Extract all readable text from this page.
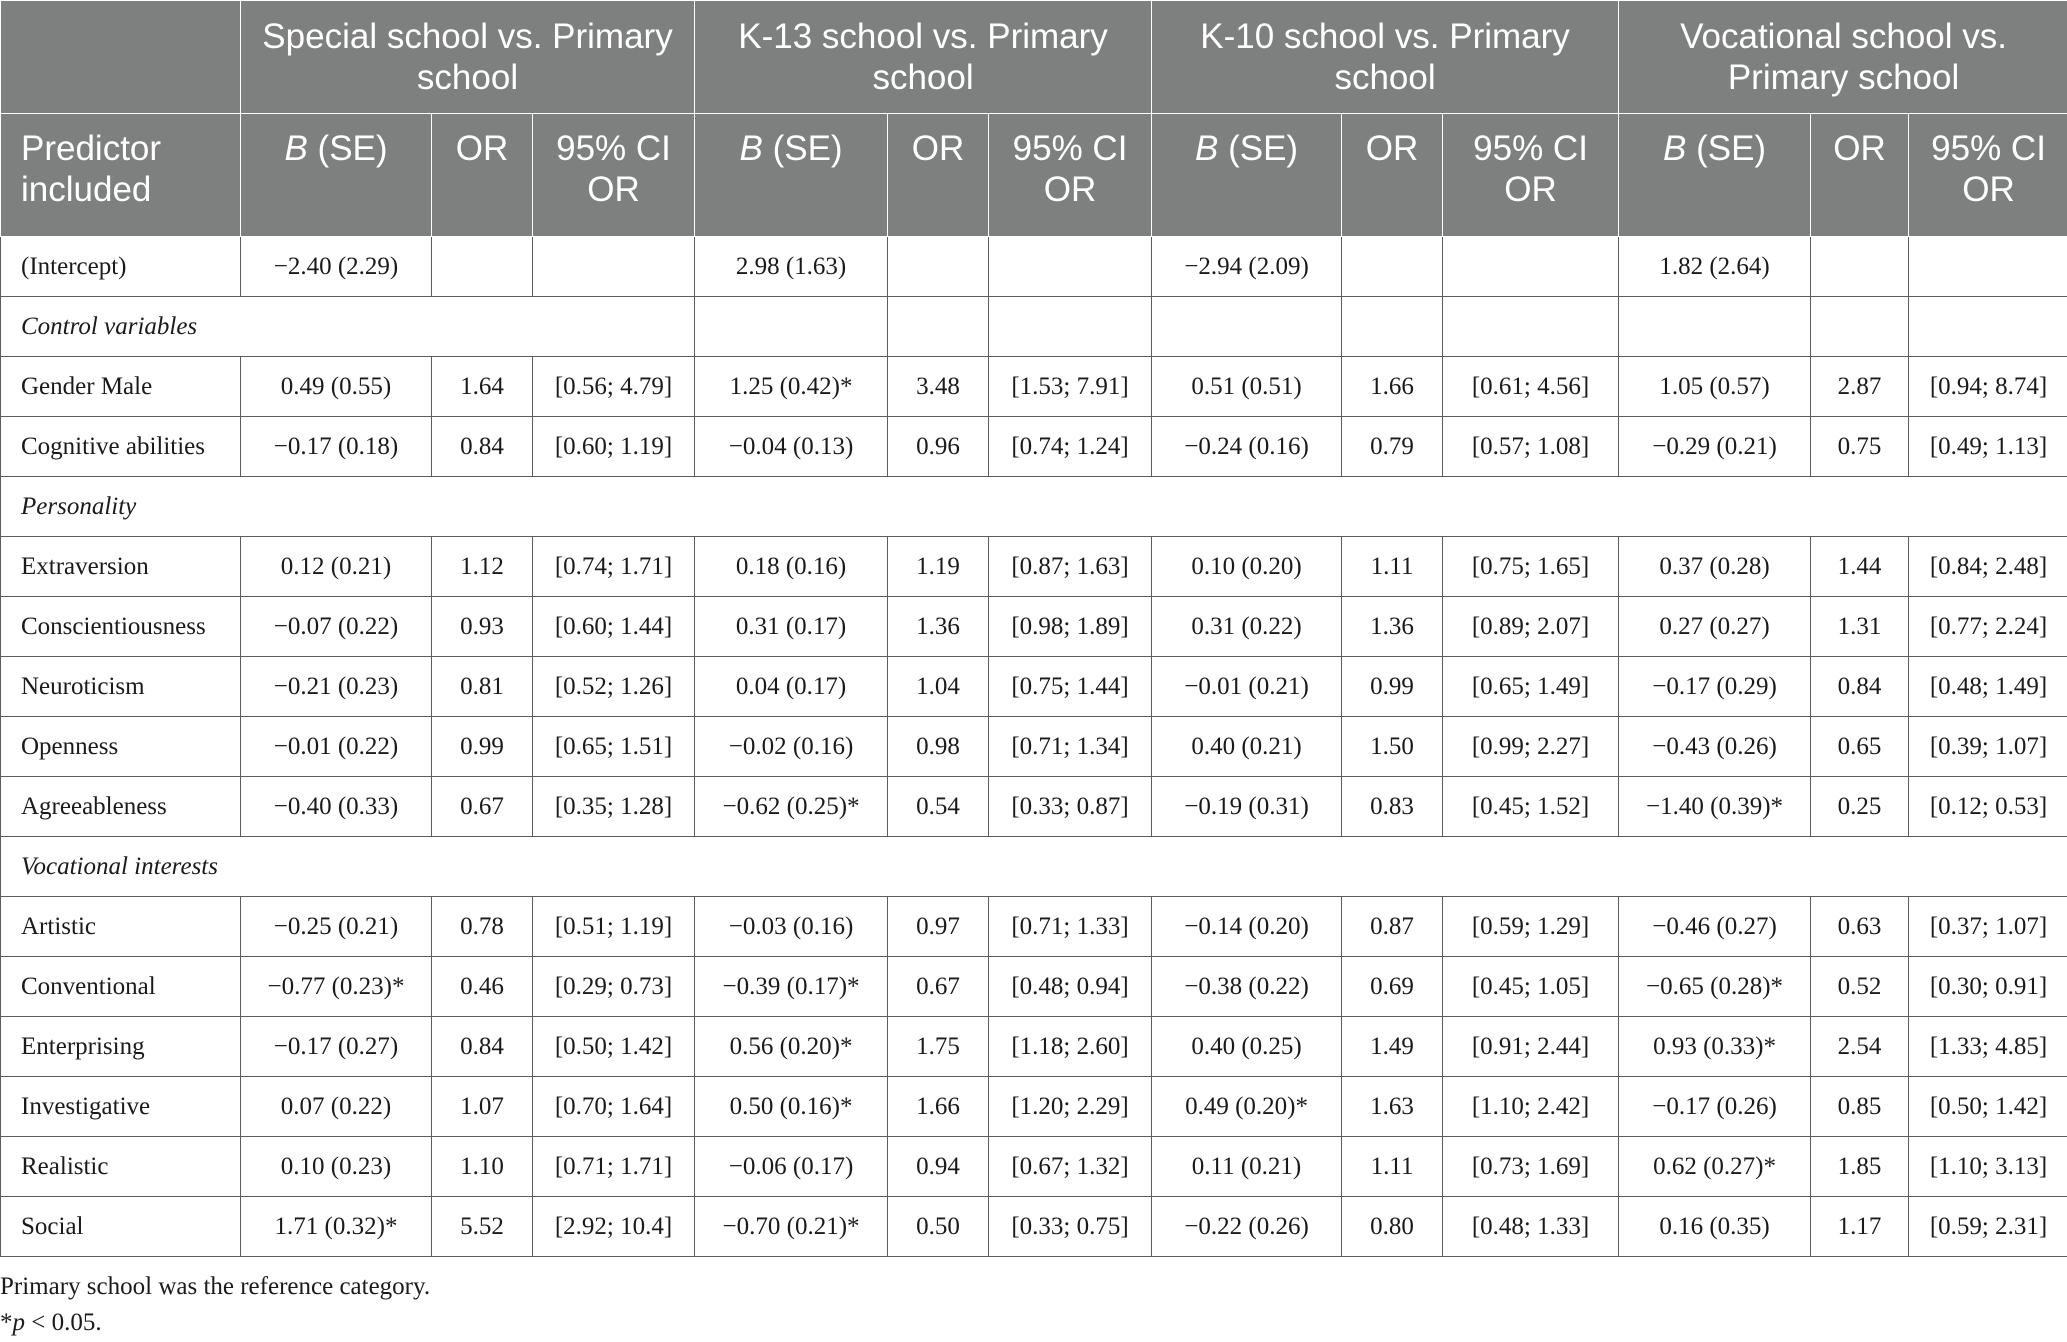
	Special school vs. Primary school			K-13 school vs. Primary school			K-10 school vs. Primary school			Vocational school vs. Primary school		
Predictor included	B (SE)	OR	95% CI OR	B (SE)	OR	95% CI OR	B (SE)	OR	95% CI OR	B (SE)	OR	95% CI OR
(Intercept)	−2.40 (2.29)			2.98 (1.63)			−2.94 (2.09)			1.82 (2.64)		
Control variables												
Gender Male	0.49 (0.55)	1.64	[0.56; 4.79]	1.25 (0.42)*	3.48	[1.53; 7.91]	0.51 (0.51)	1.66	[0.61; 4.56]	1.05 (0.57)	2.87	[0.94; 8.74]
Cognitive abilities	−0.17 (0.18)	0.84	[0.60; 1.19]	−0.04 (0.13)	0.96	[0.74; 1.24]	−0.24 (0.16)	0.79	[0.57; 1.08]	−0.29 (0.21)	0.75	[0.49; 1.13]
Personality												
Extraversion	0.12 (0.21)	1.12	[0.74; 1.71]	0.18 (0.16)	1.19	[0.87; 1.63]	0.10 (0.20)	1.11	[0.75; 1.65]	0.37 (0.28)	1.44	[0.84; 2.48]
Conscientiousness	−0.07 (0.22)	0.93	[0.60; 1.44]	0.31 (0.17)	1.36	[0.98; 1.89]	0.31 (0.22)	1.36	[0.89; 2.07]	0.27 (0.27)	1.31	[0.77; 2.24]
Neuroticism	−0.21 (0.23)	0.81	[0.52; 1.26]	0.04 (0.17)	1.04	[0.75; 1.44]	−0.01 (0.21)	0.99	[0.65; 1.49]	−0.17 (0.29)	0.84	[0.48; 1.49]
Openness	−0.01 (0.22)	0.99	[0.65; 1.51]	−0.02 (0.16)	0.98	[0.71; 1.34]	0.40 (0.21)	1.50	[0.99; 2.27]	−0.43 (0.26)	0.65	[0.39; 1.07]
Agreeableness	−0.40 (0.33)	0.67	[0.35; 1.28]	−0.62 (0.25)*	0.54	[0.33; 0.87]	−0.19 (0.31)	0.83	[0.45; 1.52]	−1.40 (0.39)*	0.25	[0.12; 0.53]
Vocational interests												
Artistic	−0.25 (0.21)	0.78	[0.51; 1.19]	−0.03 (0.16)	0.97	[0.71; 1.33]	−0.14 (0.20)	0.87	[0.59; 1.29]	−0.46 (0.27)	0.63	[0.37; 1.07]
Conventional	−0.77 (0.23)*	0.46	[0.29; 0.73]	−0.39 (0.17)*	0.67	[0.48; 0.94]	−0.38 (0.22)	0.69	[0.45; 1.05]	−0.65 (0.28)*	0.52	[0.30; 0.91]
Enterprising	−0.17 (0.27)	0.84	[0.50; 1.42]	0.56 (0.20)*	1.75	[1.18; 2.60]	0.40 (0.25)	1.49	[0.91; 2.44]	0.93 (0.33)*	2.54	[1.33; 4.85]
Investigative	0.07 (0.22)	1.07	[0.70; 1.64]	0.50 (0.16)*	1.66	[1.20; 2.29]	0.49 (0.20)*	1.63	[1.10; 2.42]	−0.17 (0.26)	0.85	[0.50; 1.42]
Realistic	0.10 (0.23)	1.10	[0.71; 1.71]	−0.06 (0.17)	0.94	[0.67; 1.32]	0.11 (0.21)	1.11	[0.73; 1.69]	0.62 (0.27)*	1.85	[1.10; 3.13]
Social	1.71 (0.32)*	5.52	[2.92; 10.4]	−0.70 (0.21)*	0.50	[0.33; 0.75]	−0.22 (0.26)	0.80	[0.48; 1.33]	0.16 (0.35)	1.17	[0.59; 2.31]
Primary school was the reference category.
*p < 0.05.
